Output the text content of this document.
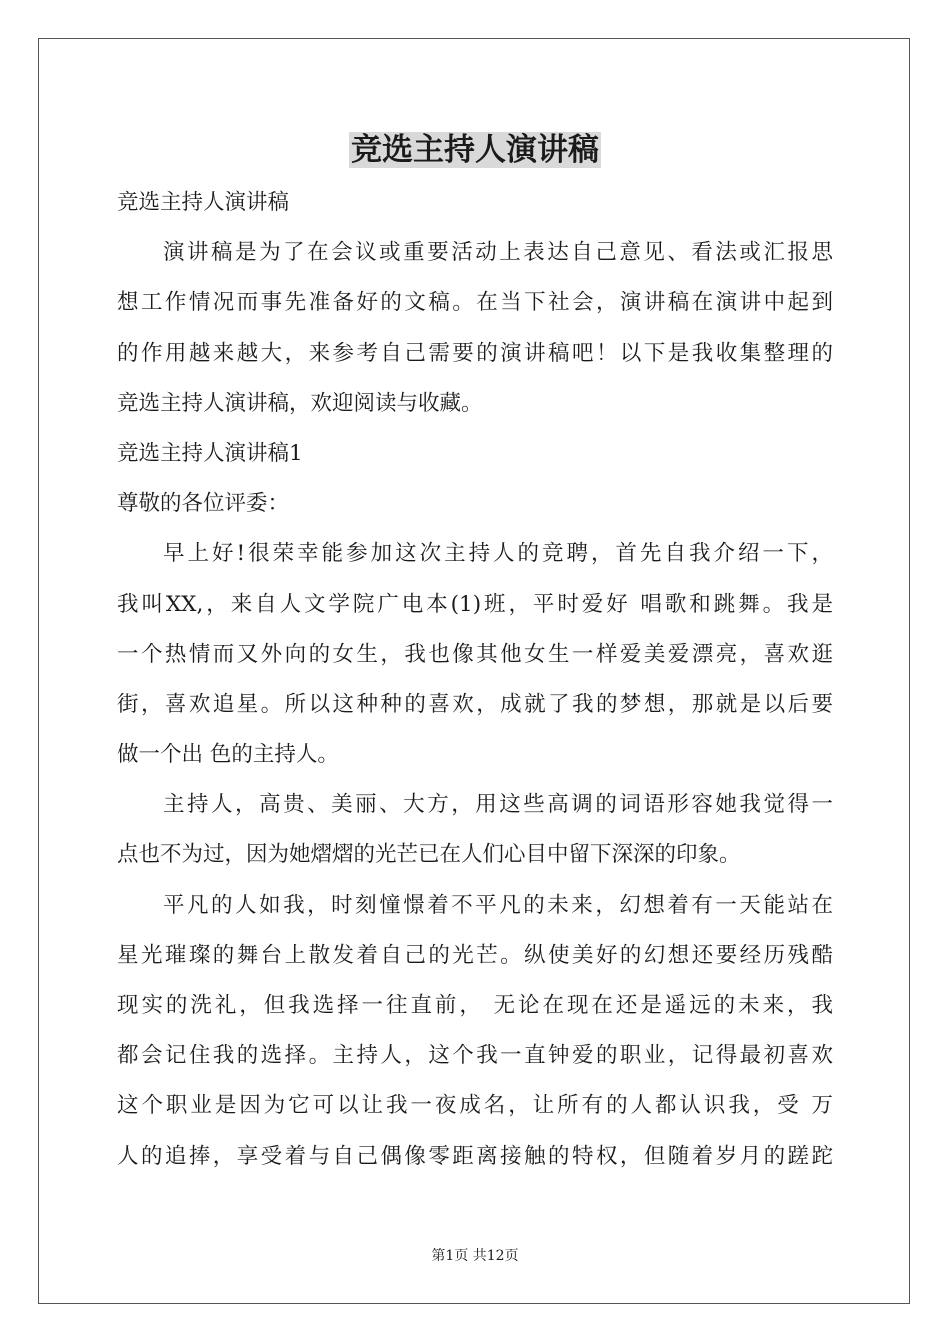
竞选主持人演讲稿
竞选主持人演讲稿
演讲稿是为了在会议或重要活动上表达自己意见、看法或汇报思
想工作情况而事先准备好的文稿。在当下社会，演讲稿在演讲中起到
的作用越来越大，来参考自己需要的演讲稿吧！以下是我收集整理的
竞选主持人演讲稿，欢迎阅读与收藏。
竞选主持人演讲稿1
尊敬的各位评委：
早上好!很荣幸能参加这次主持人的竞聘，首先自我介绍一下，
我叫XX,，来自人文学院广电本(1)班，平时爱好 唱歌和跳舞。我是
一个热情而又外向的女生，我也像其他女生一样爱美爱漂亮，喜欢逛
街，喜欢追星。所以这种种的喜欢，成就了我的梦想，那就是以后要
做一个出 色的主持人。
主持人，高贵、美丽、大方，用这些高调的词语形容她我觉得一
点也不为过，因为她熠熠的光芒已在人们心目中留下深深的印象。
平凡的人如我，时刻憧憬着不平凡的未来，幻想着有一天能站在
星光璀璨的舞台上散发着自己的光芒。纵使美好的幻想还要经历残酷
现实的洗礼，但我选择一往直前， 无论在现在还是遥远的未来，我
都会记住我的选择。主持人，这个我一直钟爱的职业，记得最初喜欢
这个职业是因为它可以让我一夜成名，让所有的人都认识我，受 万
人的追捧，享受着与自己偶像零距离接触的特权，但随着岁月的蹉跎
第1页 共12页
